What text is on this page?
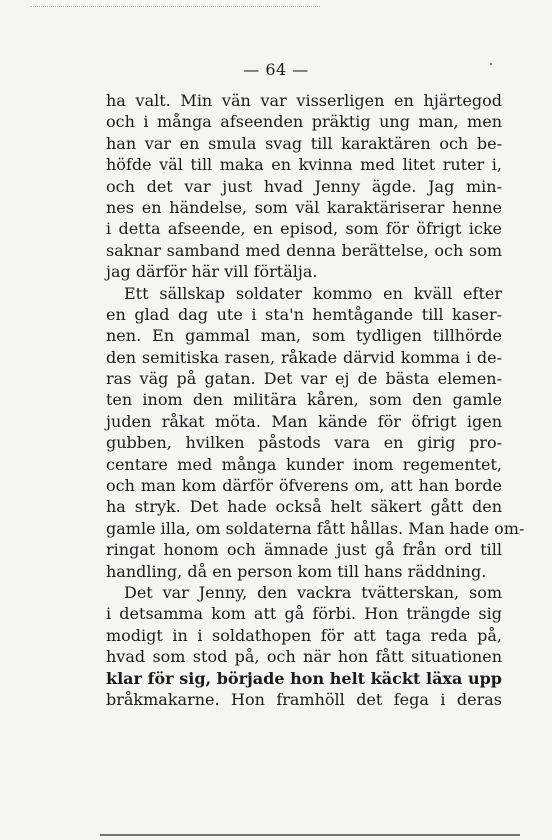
— 64 —
ha valt. Min vän var visserligen en hjärtegod
och i många afseenden präktig ung man, men
han var en smula svag till karaktären och be-
höfde väl till maka en kvinna med litet ruter i,
och det var just hvad Jenny ägde. Jag min-
nes en händelse, som väl karaktäriserar henne
i detta afseende, en episod, som för öfrigt icke
saknar samband med denna berättelse, och som
jag därför här vill förtälja.
Ett sällskap soldater kommo en kväll efter
en glad dag ute i sta'n hemtågande till kaser-
nen. En gammal man, som tydligen tillhörde
den semitiska rasen, råkade därvid komma i de-
ras väg på gatan. Det var ej de bästa elemen-
ten inom den militära kåren, som den gamle
juden råkat möta. Man kände för öfrigt igen
gubben, hvilken påstods vara en girig pro-
centare med många kunder inom regementet,
och man kom därför öfverens om, att han borde
ha stryk. Det hade också helt säkert gått den
gamle illa, om soldaterna fått hållas. Man hade om-
ringat honom och ämnade just gå från ord till
handling, då en person kom till hans räddning.
Det var Jenny, den vackra tvätterskan, som
i detsamma kom att gå förbi. Hon trängde sig
modigt in i soldathopen för att taga reda på,
hvad som stod på, och när hon fått situationen
klar för sig, började hon helt käckt läxa upp
bråkmakarne. Hon framhöll det fega i deras
